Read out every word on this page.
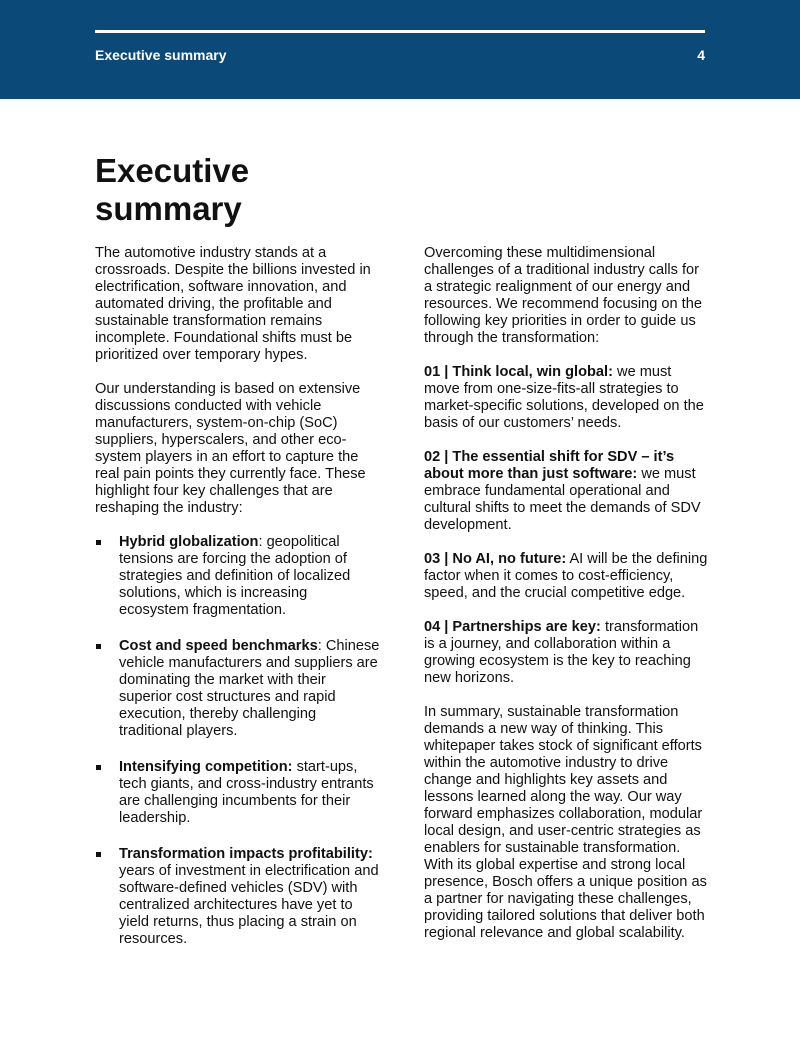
Executive summary	4
Executive summary

The automotive industry stands at a crossroads. Despite the billions invested in electrification, software innovation, and automated driving, the profitable and sustainable transformation remains incomplete. Foundational shifts must be prioritized over temporary hypes.

Our understanding is based on extensive discussions conducted with vehicle manufacturers, system-on-chip (SoC) suppliers, hyperscalers, and other eco-system players in an effort to capture the real pain points they currently face. These highlight four key challenges that are reshaping the industry:

Hybrid globalization: geopolitical tensions are forcing the adoption of strategies and definition of localized solutions, which is increasing ecosystem fragmentation.
Cost and speed benchmarks: Chinese vehicle manufacturers and suppliers are dominating the market with their superior cost structures and rapid execution, thereby challenging traditional players.
Intensifying competition: start-ups, tech giants, and cross-industry entrants are challenging incumbents for their leadership.
Transformation impacts profitability: years of investment in electrification and software-defined vehicles (SDV) with centralized architectures have yet to yield returns, thus placing a strain on resources.

Overcoming these multidimensional challenges of a traditional industry calls for a strategic realignment of our energy and resources. We recommend focusing on the following key priorities in order to guide us through the transformation:

01 | Think local, win global: we must move from one-size-fits-all strategies to market-specific solutions, developed on the basis of our customers’ needs.

02 | The essential shift for SDV – it’s about more than just software: we must embrace fundamental operational and cultural shifts to meet the demands of SDV development.

03 | No AI, no future: AI will be the defining factor when it comes to cost-efficiency, speed, and the crucial competitive edge.

04 | Partnerships are key: transformation is a journey, and collaboration within a growing ecosystem is the key to reaching new horizons.

In summary, sustainable transformation demands a new way of thinking. This whitepaper takes stock of significant efforts within the automotive industry to drive change and highlights key assets and lessons learned along the way. Our way forward emphasizes collaboration, modular local design, and user-centric strategies as enablers for sustainable transformation. With its global expertise and strong local presence, Bosch offers a unique position as a partner for navigating these challenges, providing tailored solutions that deliver both regional relevance and global scalability.
